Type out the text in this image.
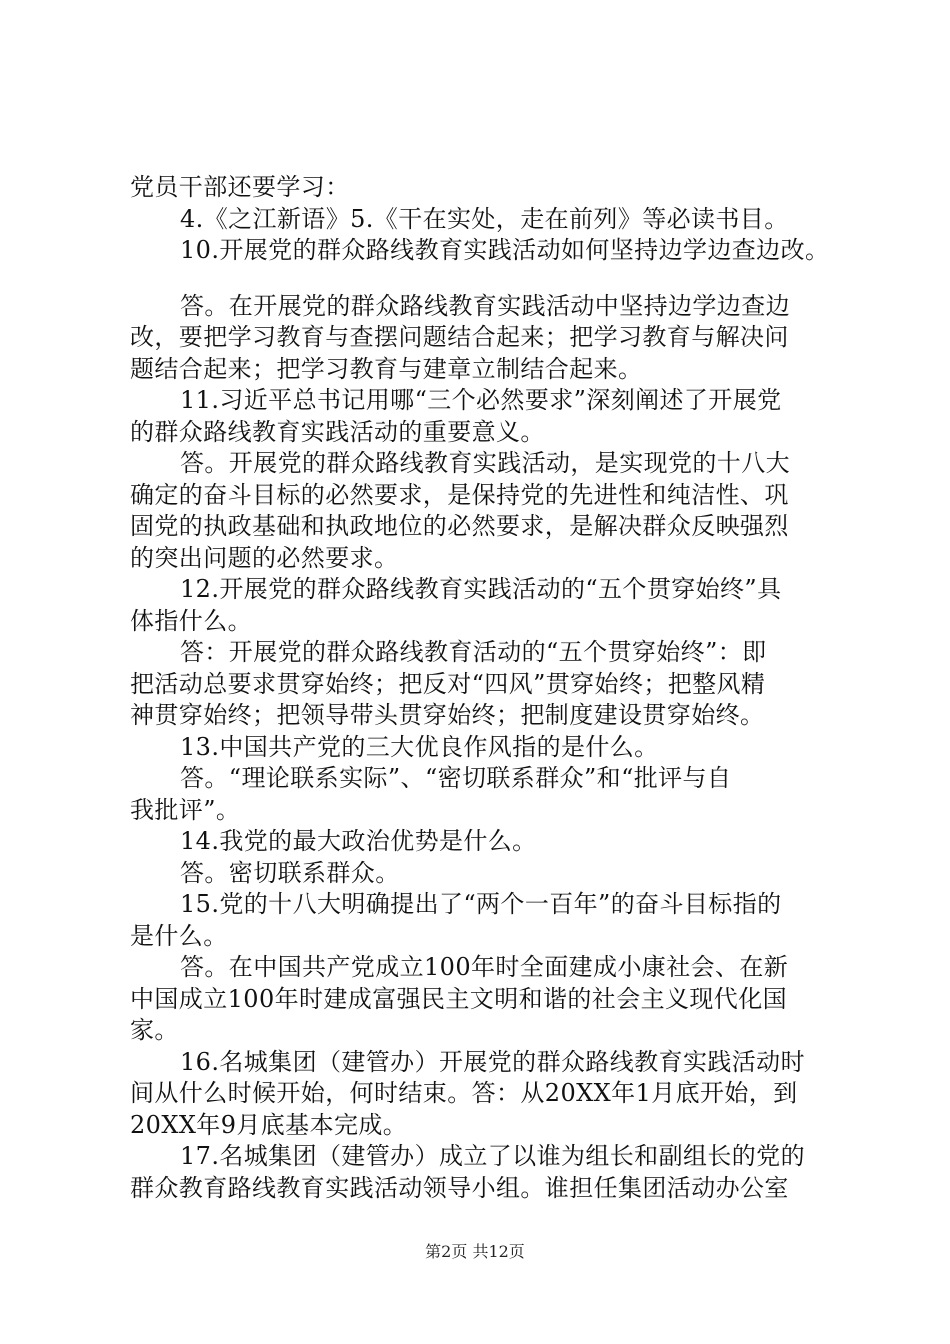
党员干部还要学习：
4.《之江新语》5.《干在实处，走在前列》等必读书目。
10.开展党的群众路线教育实践活动如何坚持边学边查边改。
答。在开展党的群众路线教育实践活动中坚持边学边查边
改，要把学习教育与查摆问题结合起来；把学习教育与解决问
题结合起来；把学习教育与建章立制结合起来。
11.习近平总书记用哪“三个必然要求”深刻阐述了开展党
的群众路线教育实践活动的重要意义。
答。开展党的群众路线教育实践活动，是实现党的十八大
确定的奋斗目标的必然要求，是保持党的先进性和纯洁性、巩
固党的执政基础和执政地位的必然要求，是解决群众反映强烈
的突出问题的必然要求。
12.开展党的群众路线教育实践活动的“五个贯穿始终”具
体指什么。
答：开展党的群众路线教育活动的“五个贯穿始终”：即
把活动总要求贯穿始终；把反对“四风”贯穿始终；把整风精
神贯穿始终；把领导带头贯穿始终；把制度建设贯穿始终。
13.中国共产党的三大优良作风指的是什么。
答。“理论联系实际”、“密切联系群众”和“批评与自
我批评”。
14.我党的最大政治优势是什么。
答。密切联系群众。
15.党的十八大明确提出了“两个一百年”的奋斗目标指的
是什么。
答。在中国共产党成立100年时全面建成小康社会、在新
中国成立100年时建成富强民主文明和谐的社会主义现代化国
家。
16.名城集团（建管办）开展党的群众路线教育实践活动时
间从什么时候开始，何时结束。答：从20XX年1月底开始，到
20XX年9月底基本完成。
17.名城集团（建管办）成立了以谁为组长和副组长的党的
群众教育路线教育实践活动领导小组。谁担任集团活动办公室
第2页 共12页
